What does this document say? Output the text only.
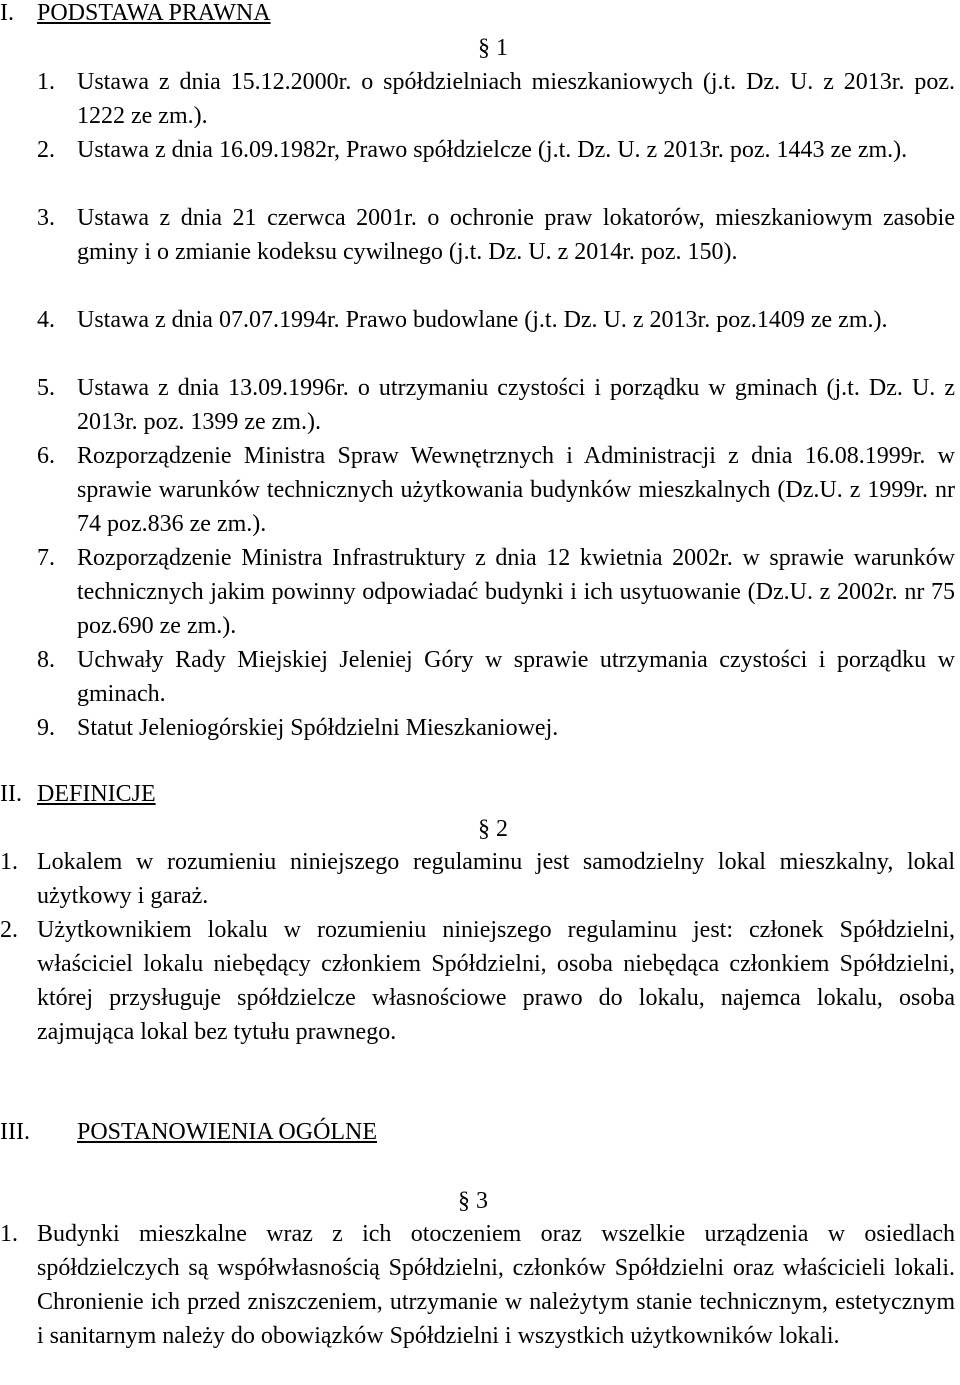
I. PODSTAWA PRAWNA
§ 1
1. Ustawa z dnia 15.12.2000r. o spółdzielniach mieszkaniowych (j.t. Dz. U. z 2013r. poz. 1222 ze zm.).
2. Ustawa z dnia 16.09.1982r, Prawo spółdzielcze (j.t. Dz. U. z 2013r. poz. 1443 ze zm.).
3. Ustawa z dnia 21 czerwca 2001r. o ochronie praw lokatorów, mieszkaniowym zasobie gminy i o zmianie kodeksu cywilnego (j.t. Dz. U. z 2014r. poz. 150).
4. Ustawa z dnia 07.07.1994r. Prawo budowlane (j.t. Dz. U. z 2013r. poz.1409 ze zm.).
5. Ustawa z dnia 13.09.1996r. o utrzymaniu czystości i porządku w gminach (j.t. Dz. U. z 2013r. poz. 1399 ze zm.).
6. Rozporządzenie Ministra Spraw Wewnętrznych i Administracji z dnia 16.08.1999r. w sprawie warunków technicznych użytkowania budynków mieszkalnych (Dz.U. z 1999r. nr 74 poz.836 ze zm.).
7. Rozporządzenie Ministra Infrastruktury z dnia 12 kwietnia 2002r. w sprawie warunków technicznych jakim powinny odpowiadać budynki i ich usytuowanie (Dz.U. z 2002r. nr 75 poz.690 ze zm.).
8. Uchwały Rady Miejskiej Jeleniej Góry w sprawie utrzymania czystości i porządku w gminach.
9. Statut Jeleniogórskiej Spółdzielni Mieszkaniowej.
II. DEFINICJE
§ 2
1. Lokalem w rozumieniu niniejszego regulaminu jest samodzielny lokal mieszkalny, lokal użytkowy i garaż.
2. Użytkownikiem lokalu w rozumieniu niniejszego regulaminu jest: członek Spółdzielni, właściciel lokalu niebędący członkiem Spółdzielni, osoba niebędąca członkiem Spółdzielni, której przysługuje spółdzielcze własnościowe prawo do lokalu, najemca lokalu, osoba zajmująca lokal bez tytułu prawnego.
III. POSTANOWIENIA OGÓLNE
§ 3
1. Budynki mieszkalne wraz z ich otoczeniem oraz wszelkie urządzenia w osiedlach spółdzielczych są współwłasnością Spółdzielni, członków Spółdzielni oraz właścicieli lokali. Chronienie ich przed zniszczeniem, utrzymanie w należytym stanie technicznym, estetycznym i sanitarnym należy do obowiązków Spółdzielni i wszystkich użytkowników lokali.
